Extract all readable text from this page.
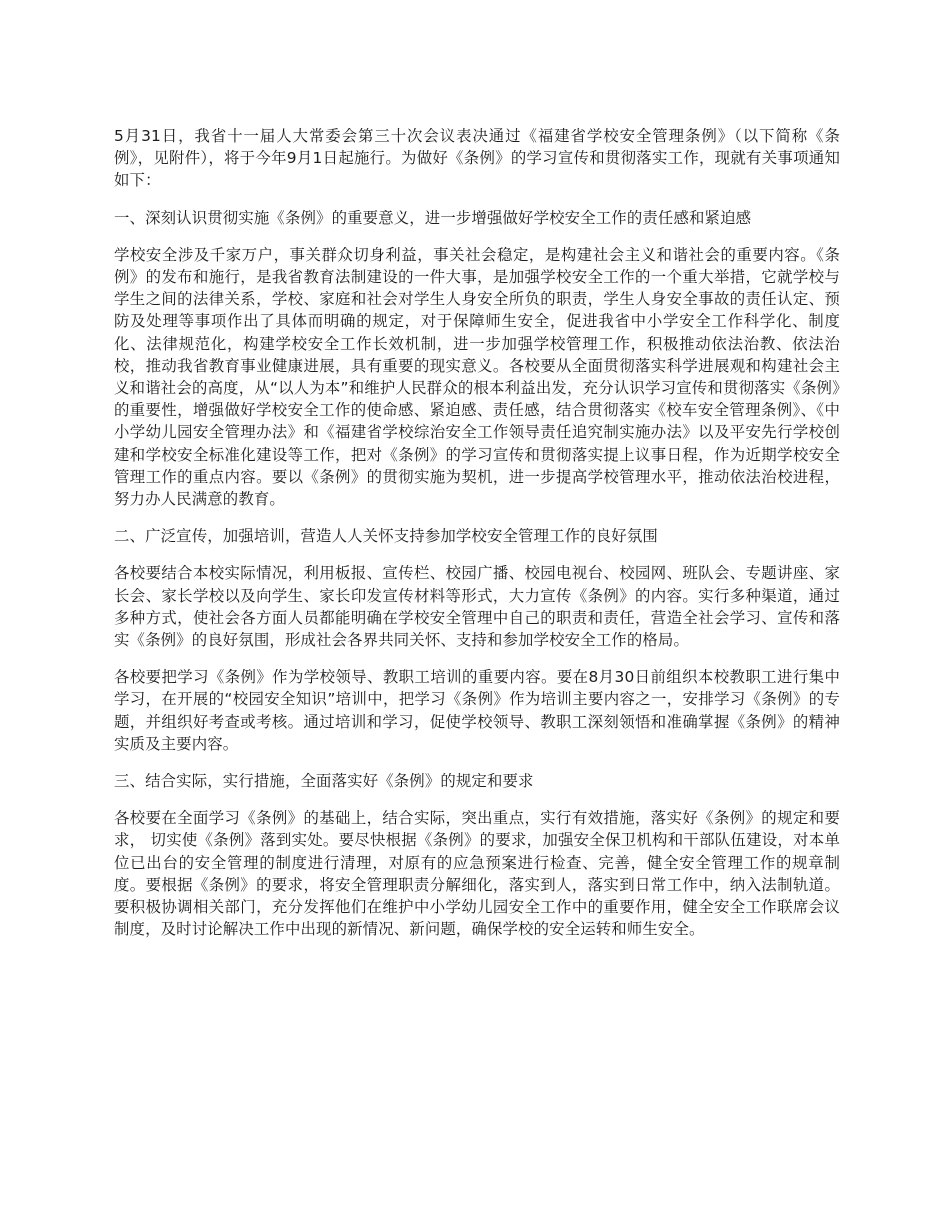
5月31日，我省十一届人大常委会第三十次会议表决通过《福建省学校安全管理条例》（以下简称《条例》，见附件），将于今年9月1日起施行。为做好《条例》的学习宣传和贯彻落实工作，现就有关事项通知如下：

一、深刻认识贯彻实施《条例》的重要意义，进一步增强做好学校安全工作的责任感和紧迫感

学校安全涉及千家万户，事关群众切身利益，事关社会稳定，是构建社会主义和谐社会的重要内容。《条例》的发布和施行，是我省教育法制建设的一件大事，是加强学校安全工作的一个重大举措，它就学校与学生之间的法律关系，学校、家庭和社会对学生人身安全所负的职责，学生人身安全事故的责任认定、预防及处理等事项作出了具体而明确的规定，对于保障师生安全，促进我省中小学安全工作科学化、制度化、法律规范化，构建学校安全工作长效机制，进一步加强学校管理工作，积极推动依法治教、依法治校，推动我省教育事业健康进展，具有重要的现实意义。各校要从全面贯彻落实科学进展观和构建社会主义和谐社会的高度，从“以人为本”和维护人民群众的根本利益出发，充分认识学习宣传和贯彻落实《条例》的重要性，增强做好学校安全工作的使命感、紧迫感、责任感，结合贯彻落实《校车安全管理条例》、《中小学幼儿园安全管理办法》和《福建省学校综治安全工作领导责任追究制实施办法》以及平安先行学校创建和学校安全标准化建设等工作，把对《条例》的学习宣传和贯彻落实提上议事日程，作为近期学校安全管理工作的重点内容。要以《条例》的贯彻实施为契机，进一步提高学校管理水平，推动依法治校进程，努力办人民满意的教育。

二、广泛宣传，加强培训，营造人人关怀支持参加学校安全管理工作的良好氛围

各校要结合本校实际情况，利用板报、宣传栏、校园广播、校园电视台、校园网、班队会、专题讲座、家长会、家长学校以及向学生、家长印发宣传材料等形式，大力宣传《条例》的内容。实行多种渠道，通过多种方式，使社会各方面人员都能明确在学校安全管理中自己的职责和责任，营造全社会学习、宣传和落实《条例》的良好氛围，形成社会各界共同关怀、支持和参加学校安全工作的格局。

各校要把学习《条例》作为学校领导、教职工培训的重要内容。要在8月30日前组织本校教职工进行集中学习，在开展的“校园安全知识”培训中，把学习《条例》作为培训主要内容之一，安排学习《条例》的专题，并组织好考查或考核。通过培训和学习，促使学校领导、教职工深刻领悟和准确掌握《条例》的精神实质及主要内容。

三、结合实际，实行措施，全面落实好《条例》的规定和要求

各校要在全面学习《条例》的基础上，结合实际，突出重点，实行有效措施，落实好《条例》的规定和要求， 切实使《条例》落到实处。要尽快根据《条例》的要求，加强安全保卫机构和干部队伍建设，对本单位已出台的安全管理的制度进行清理，对原有的应急预案进行检查、完善，健全安全管理工作的规章制度。要根据《条例》的要求，将安全管理职责分解细化，落实到人，落实到日常工作中，纳入法制轨道。要积极协调相关部门，充分发挥他们在维护中小学幼儿园安全工作中的重要作用，健全安全工作联席会议制度，及时讨论解决工作中出现的新情况、新问题，确保学校的安全运转和师生安全。
